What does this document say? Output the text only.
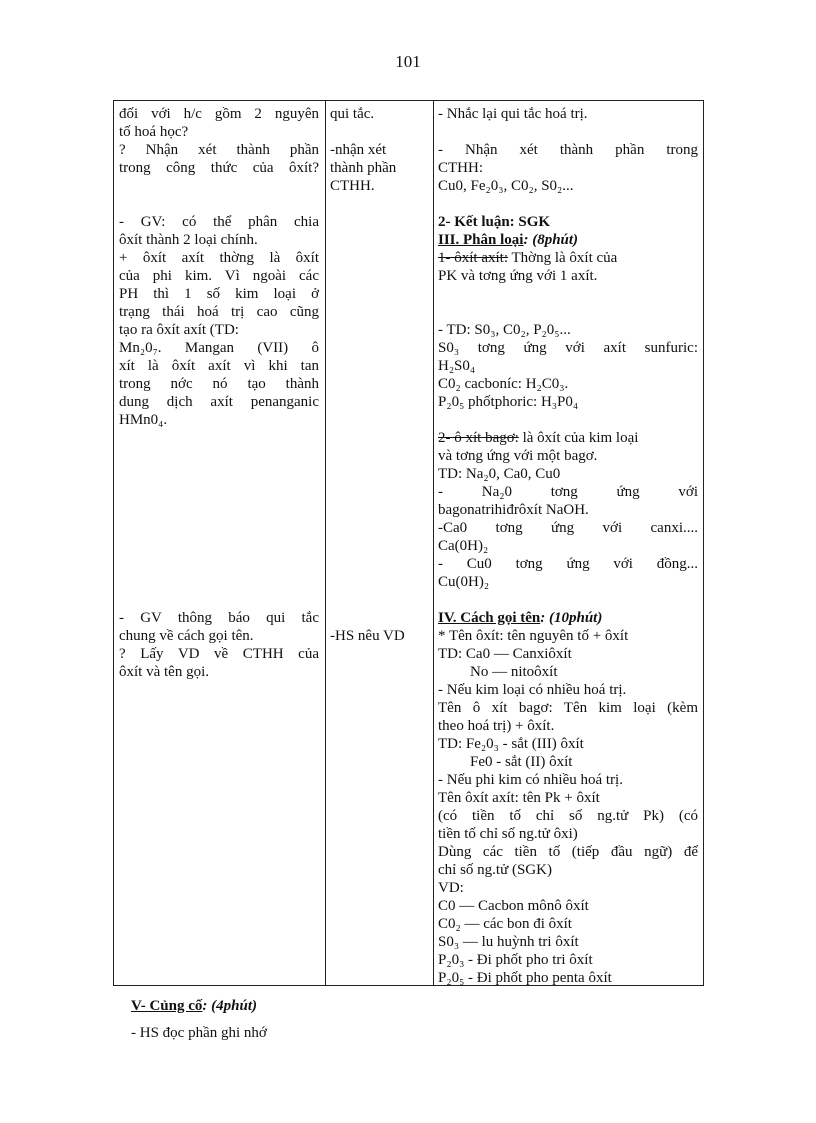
101

đối với h/c gồm 2 nguyên

tố hoá học?

? Nhận xét thành phần

trong công thức của ôxít?

- GV: có thể phân chia

ôxít thành 2 loại chính.

+ ôxít axít thờng là ôxít

của phi kim. Vì ngoài các

PH thì 1 số kim loại ở

trạng thái hoá trị cao cũng

tạo ra ôxít axít (TD:

Mn₂0₇. Mangan (VII) ô

xít là ôxít axít vì khi tan

trong nớc nó tạo thành

dung dịch axít penanganic

HMn0₄.

- GV thông báo qui tắc

chung về cách gọi tên.

? Lấy VD về CTHH của

ôxít và tên gọi.

qui tắc.

-nhận xét

thành phần

CTHH.

-HS nêu VD

- Nhắc lại qui tắc hoá trị.

- Nhận xét thành phần trong

CTHH:

Cu0, Fe₂0₃, C0₂, S0₂...

2- Kết luận: SGK

III. Phân loại: (8phút)

1- ôxít axít: Thờng là ôxít của

PK và tơng ứng với 1 axít.

- TD: S0₃, C0₂, P₂0₅...

S0₃ tơng ứng với axít sunfuric:

H₂S0₄

C0₂ cacboníc: H₂C0₃.

P₂0₅ phốtphoric: H₃P0₄

2- ô xít bagơ: là ôxít của kim loại

và tơng ứng với một bagơ.

TD: Na₂0, Ca0, Cu0

- Na₂0 tơng ứng với

bagonatrihiđrôxít NaOH.

-Ca0 tơng ứng với canxi....

Ca(0H)₂

- Cu0 tơng ứng với đồng...

Cu(0H)₂

IV. Cách gọi tên: (10phút)

* Tên ôxít: tên nguyên tố + ôxít

TD: Ca0 — Canxiôxít

No — nitoôxít

- Nếu kim loại có nhiều hoá trị.

Tên ô xít bagơ: Tên kim loại (kèm

theo hoá trị) + ôxít.

TD: Fe₂0₃ - sắt (III) ôxít

Fe0 - sắt (II) ôxít

- Nếu phi kim có nhiều hoá trị.

Tên ôxít axít: tên Pk + ôxít

(có tiền tố chỉ số ng.tử Pk) (có

tiền tố chỉ số ng.tử ôxi)

Dùng các tiền tố (tiếp đầu ngữ) để

chỉ số ng.tử (SGK)

VD:

C0 — Cacbon mônô ôxít

C0₂ — các bon đi ôxít

S0₃ — lu huỳnh tri ôxít

P₂0₃ - Đi phốt pho tri ôxít

P₂0₅ - Đi phốt pho penta ôxít

V- Củng cố: (4phút)

- HS đọc phần ghi nhớ
